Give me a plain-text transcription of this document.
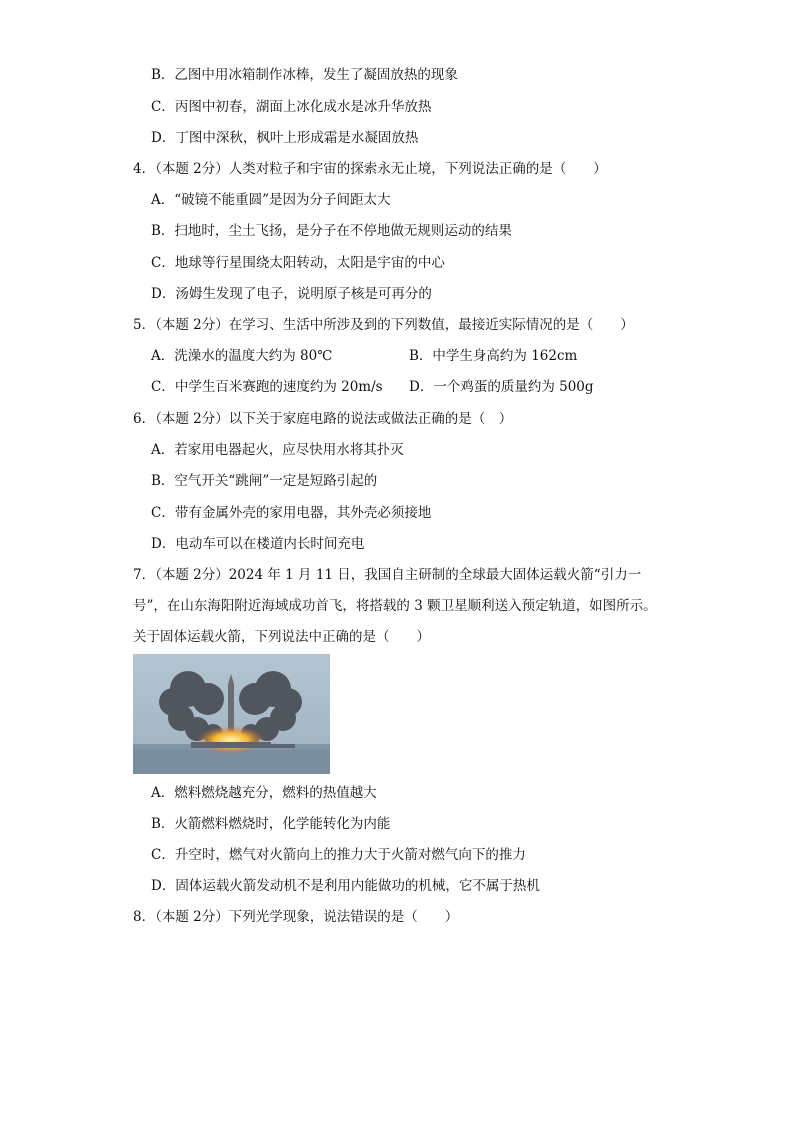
B．乙图中用冰箱制作冰棒，发生了凝固放热的现象
C．丙图中初春，湖面上冰化成水是冰升华放热
D．丁图中深秋，枫叶上形成霜是水凝固放热
4．（本题 2分）人类对粒子和宇宙的探索永无止境，下列说法正确的是（　　）
A．“破镜不能重圆”是因为分子间距太大
B．扫地时，尘土飞扬，是分子在不停地做无规则运动的结果
C．地球等行星围绕太阳转动，太阳是宇宙的中心
D．汤姆生发现了电子，说明原子核是可再分的
5．（本题 2分）在学习、生活中所涉及到的下列数值，最接近实际情况的是（　　）
A．洗澡水的温度大约为 80℃	B．中学生身高约为 162cm
C．中学生百米赛跑的速度约为 20m/s D．一个鸡蛋的质量约为 500g
6．（本题 2分）以下关于家庭电路的说法或做法正确的是（　）
A．若家用电器起火，应尽快用水将其扑灭
B．空气开关“跳闸”一定是短路引起的
C．带有金属外壳的家用电器，其外壳必须接地
D．电动车可以在楼道内长时间充电
7．（本题 2分）2024 年 1 月 11 日，我国自主研制的全球最大固体运载火箭“引力一
号”，在山东海阳附近海域成功首飞，将搭载的 3 颗卫星顺利送入预定轨道，如图所示。
关于固体运载火箭，下列说法中正确的是（　　）
A．燃料燃烧越充分，燃料的热值越大
B．火箭燃料燃烧时，化学能转化为内能
C．升空时，燃气对火箭向上的推力大于火箭对燃气向下的推力
D．固体运载火箭发动机不是利用内能做功的机械，它不属于热机
8．（本题 2分）下列光学现象，说法错误的是（　　）
